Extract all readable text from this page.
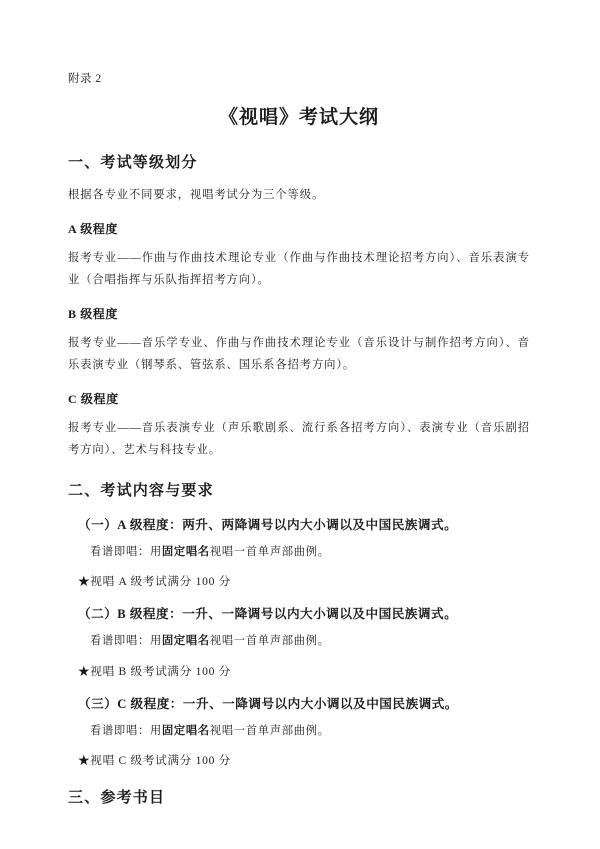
附录 2
《视唱》考试大纲
一、考试等级划分
根据各专业不同要求，视唱考试分为三个等级。
A 级程度
报考专业——作曲与作曲技术理论专业（作曲与作曲技术理论招考方向）、音乐表演专业（合唱指挥与乐队指挥招考方向）。
B 级程度
报考专业——音乐学专业、作曲与作曲技术理论专业（音乐设计与制作招考方向）、音乐表演专业（钢琴系、管弦系、国乐系各招考方向）。
C 级程度
报考专业——音乐表演专业（声乐歌剧系、流行系各招考方向）、表演专业（音乐剧招考方向）、艺术与科技专业。
二、考试内容与要求
（一）A 级程度：两升、两降调号以内大小调以及中国民族调式。
看谱即唱：用固定唱名视唱一首单声部曲例。
★视唱 A 级考试满分 100 分
（二）B 级程度：一升、一降调号以内大小调以及中国民族调式。
看谱即唱：用固定唱名视唱一首单声部曲例。
★视唱 B 级考试满分 100 分
（三）C 级程度：一升、一降调号以内大小调以及中国民族调式。
看谱即唱：用固定唱名视唱一首单声部曲例。
★视唱 C 级考试满分 100 分
三、参考书目
